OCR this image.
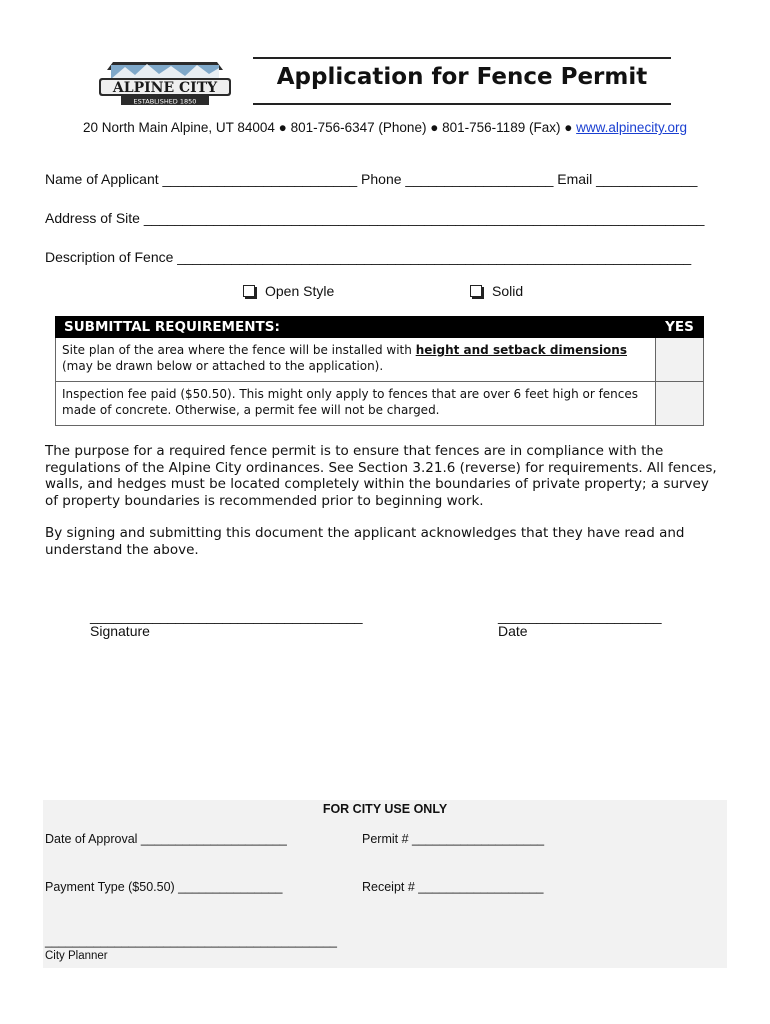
ALPINE CITY
ESTABLISHED 1850
Application for Fence Permit
20 North Main Alpine, UT 84004 ● 801-756-6347 (Phone) ● 801-756-1189 (Fax) ● www.alpinecity.org
Name of Applicant _________________________ Phone ___________________ Email _____________
Address of Site ________________________________________________________________________
Description of Fence __________________________________________________________________
Open Style	Solid
SUBMITTAL REQUIREMENTS:	YES
Site plan of the area where the fence will be installed with height and setback dimensions (may be drawn below or attached to the application).	
Inspection fee paid ($50.50). This might only apply to fences that are over 6 feet high or fences made of concrete. Otherwise, a permit fee will not be charged.	
The purpose for a required fence permit is to ensure that fences are in compliance with the regulations of the Alpine City ordinances. See Section 3.21.6 (reverse) for requirements. All fences, walls, and hedges must be located completely within the boundaries of private property; a survey of property boundaries is recommended prior to beginning work.
By signing and submitting this document the applicant acknowledges that they have read and understand the above.
___________________________________
Signature
_____________________
Date
FOR CITY USE ONLY
Date of Approval _____________________	Permit # ___________________
Payment Type ($50.50) _______________	Receipt # __________________
__________________________________________
City Planner
